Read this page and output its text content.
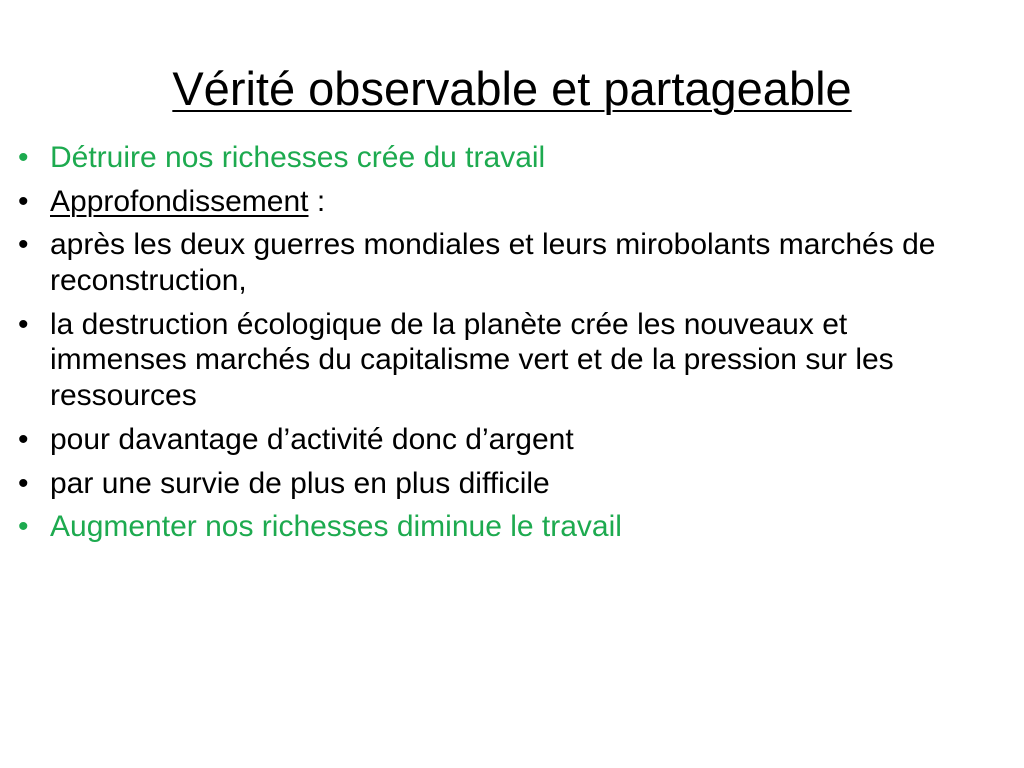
Vérité observable et partageable
• Détruire nos richesses crée du travail
• Approfondissement :
• après les deux guerres mondiales et leurs mirobolants marchés de reconstruction,
• la destruction écologique de la planète crée les nouveaux et immenses marchés du capitalisme vert et de la pression sur les ressources
• pour davantage d’activité donc d’argent
• par une survie de plus en plus difficile
• Augmenter nos richesses diminue le travail
